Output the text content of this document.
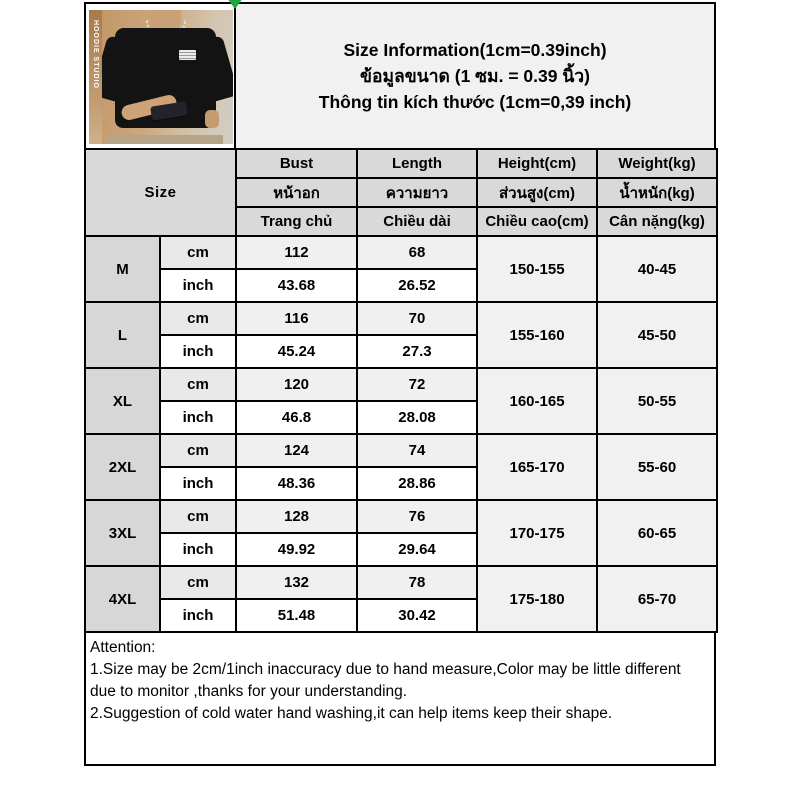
HOODIE STUDIO	Size Information(1cm=0.39inch)
ข้อมูลขนาด (1 ซม. = 0.39 นิ้ว)
Thông tin kích thước (1cm=0,39 inch)
Size		Bust	Length	Height(cm)	Weight(kg)
		หน้าอก	ความยาว	ส่วนสูง(cm)	น้ำหนัก(kg)
		Trang chủ	Chiều dài	Chiều cao(cm)	Cân nặng(kg)
M	cm	112	68	150-155	40-45
	inch	43.68	26.52		
L	cm	116	70	155-160	45-50
	inch	45.24	27.3		
XL	cm	120	72	160-165	50-55
	inch	46.8	28.08		
2XL	cm	124	74	165-170	55-60
	inch	48.36	28.86		
3XL	cm	128	76	170-175	60-65
	inch	49.92	29.64		
4XL	cm	132	78	175-180	65-70
	inch	51.48	30.42		

Attention:

1.Size may be 2cm/1inch inaccuracy due to hand measure,Color may be little different due to monitor ,thanks for your understanding.

2.Suggestion of cold water hand washing,it can help items keep their shape.
